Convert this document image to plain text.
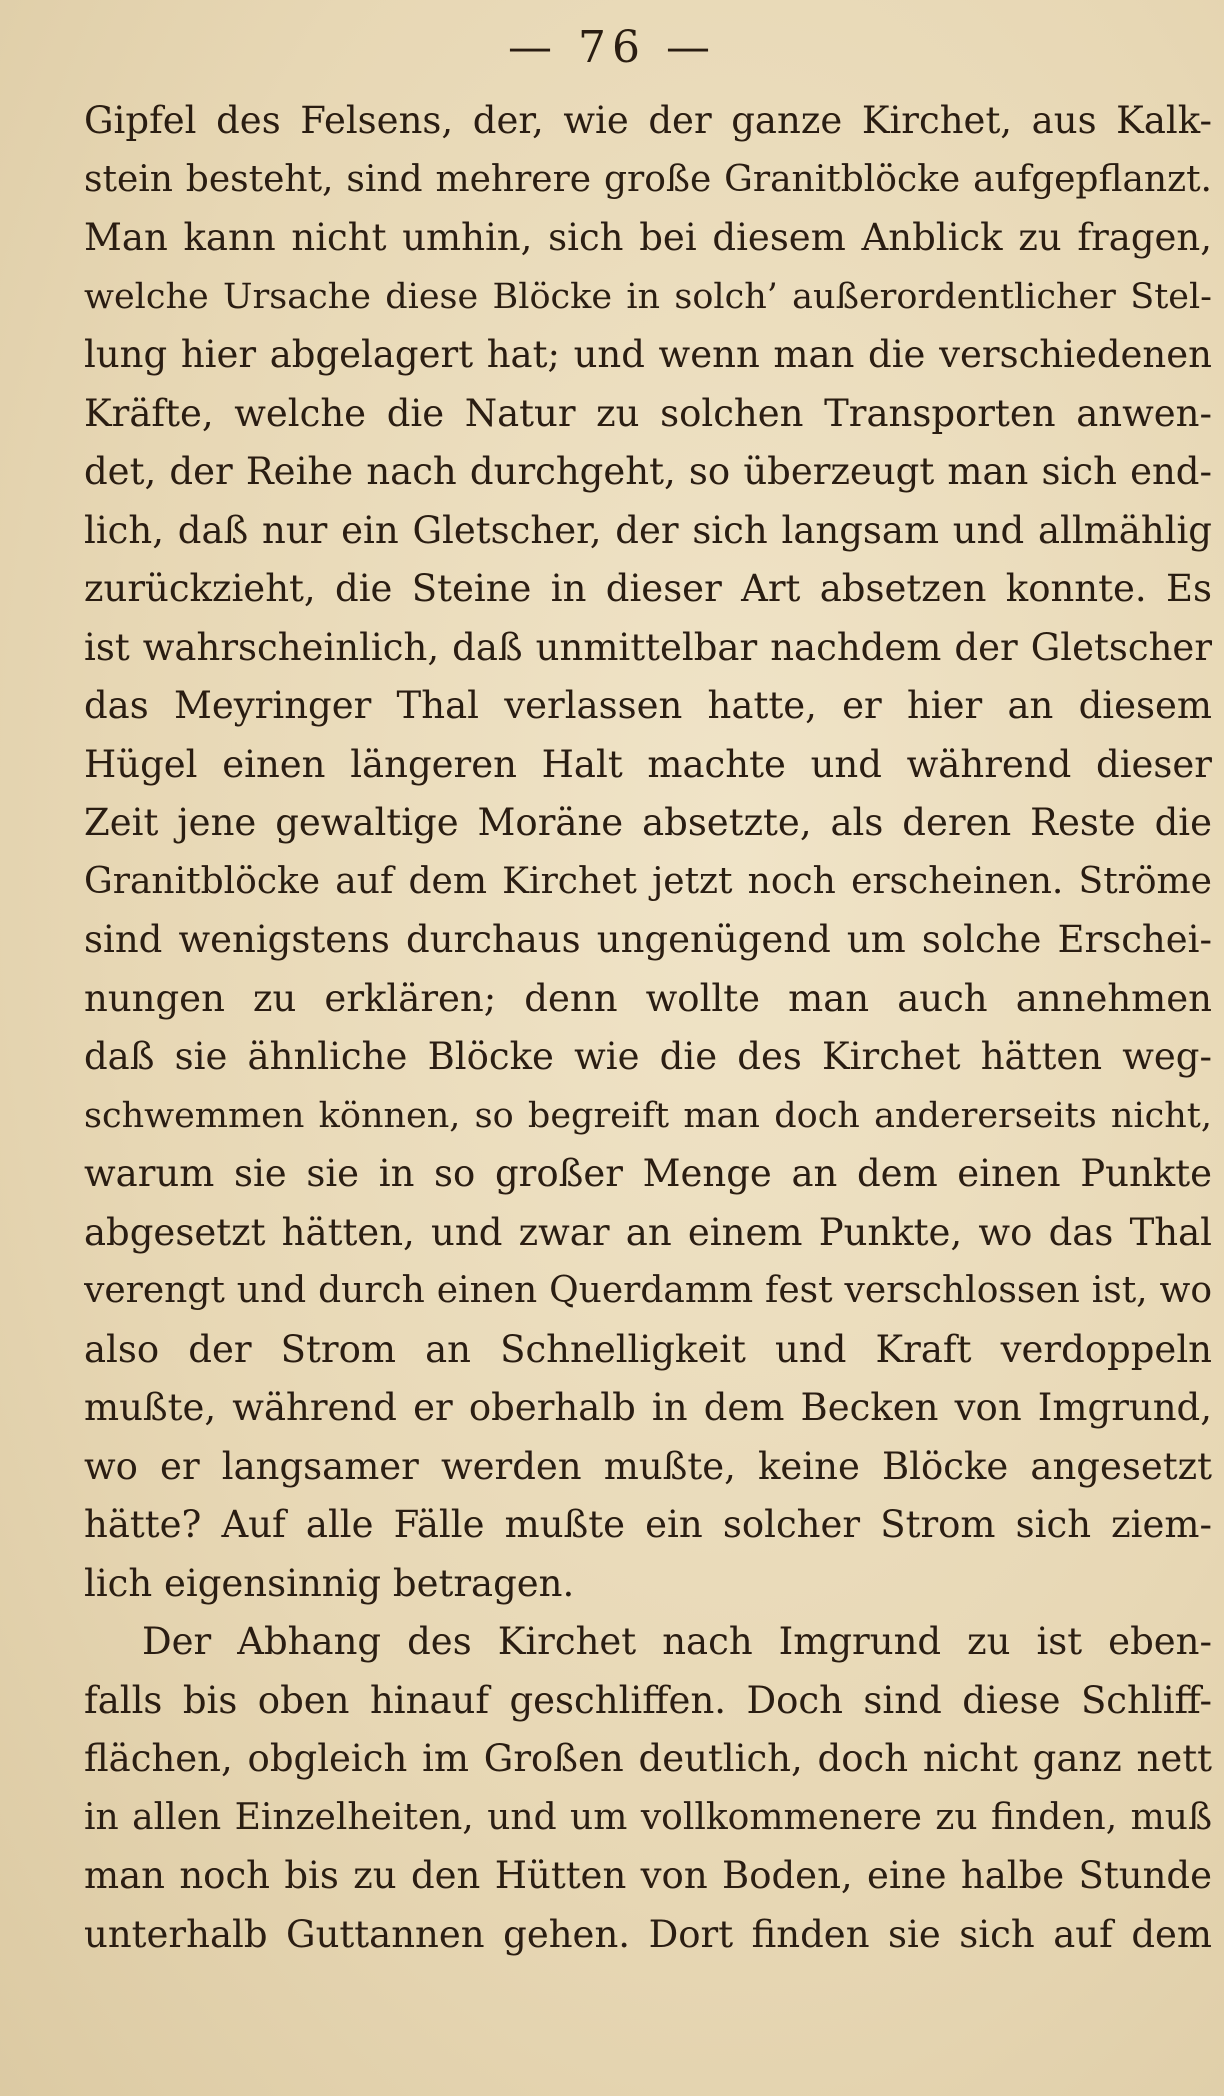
— 76 —
Gipfel des Felsens, der, wie der ganze Kirchet, aus Kalk-
stein besteht, sind mehrere große Granitblöcke aufgepflanzt.
Man kann nicht umhin, sich bei diesem Anblick zu fragen,
welche Ursache diese Blöcke in solch’ außerordentlicher Stel-
lung hier abgelagert hat; und wenn man die verschiedenen
Kräfte, welche die Natur zu solchen Transporten anwen-
det, der Reihe nach durchgeht, so überzeugt man sich end-
lich, daß nur ein Gletscher, der sich langsam und allmählig
zurückzieht, die Steine in dieser Art absetzen konnte. Es
ist wahrscheinlich, daß unmittelbar nachdem der Gletscher
das Meyringer Thal verlassen hatte, er hier an diesem
Hügel einen längeren Halt machte und während dieser
Zeit jene gewaltige Moräne absetzte, als deren Reste die
Granitblöcke auf dem Kirchet jetzt noch erscheinen. Ströme
sind wenigstens durchaus ungenügend um solche Erschei-
nungen zu erklären; denn wollte man auch annehmen
daß sie ähnliche Blöcke wie die des Kirchet hätten weg-
schwemmen können, so begreift man doch andererseits nicht,
warum sie sie in so großer Menge an dem einen Punkte
abgesetzt hätten, und zwar an einem Punkte, wo das Thal
verengt und durch einen Querdamm fest verschlossen ist, wo
also der Strom an Schnelligkeit und Kraft verdoppeln
mußte, während er oberhalb in dem Becken von Imgrund,
wo er langsamer werden mußte, keine Blöcke angesetzt
hätte? Auf alle Fälle mußte ein solcher Strom sich ziem-
lich eigensinnig betragen.
Der Abhang des Kirchet nach Imgrund zu ist eben-
falls bis oben hinauf geschliffen. Doch sind diese Schliff-
flächen, obgleich im Großen deutlich, doch nicht ganz nett
in allen Einzelheiten, und um vollkommenere zu finden, muß
man noch bis zu den Hütten von Boden, eine halbe Stunde
unterhalb Guttannen gehen. Dort finden sie sich auf dem
